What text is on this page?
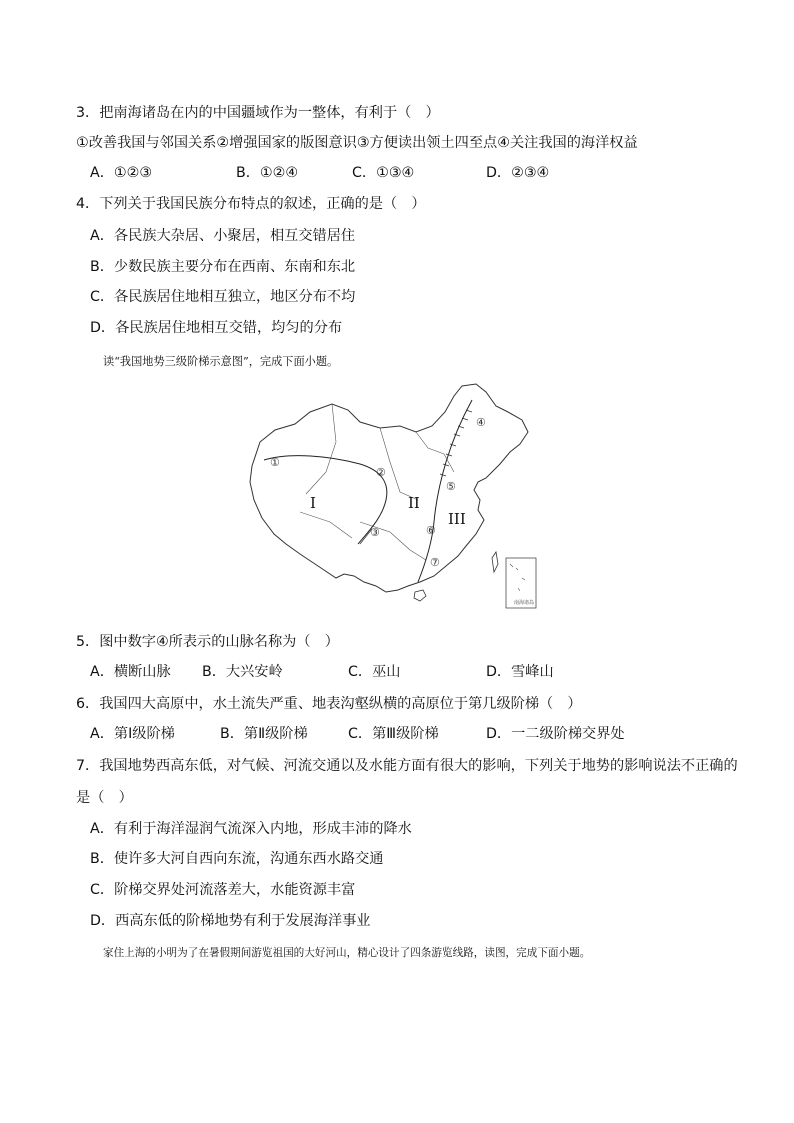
3．把南海诸岛在内的中国疆域作为一整体，有利于（　）
①改善我国与邻国关系②增强国家的版图意识③方便读出领土四至点④关注我国的海洋权益
A．①②③	B．①②④	C．①③④	D．②③④
4．下列关于我国民族分布特点的叙述，正确的是（　）
A．各民族大杂居、小聚居，相互交错居住
B．少数民族主要分布在西南、东南和东北
C．各民族居住地相互独立，地区分布不均
D．各民族居住地相互交错，均匀的分布
读“我国地势三级阶梯示意图”，完成下面小题。
南海诸岛
①
②
③
④
⑤
⑥
⑦
I	II
III
5．图中数字④所表示的山脉名称为（　）
A．横断山脉 B．大兴安岭	C．巫山	D．雪峰山
6．我国四大高原中，水土流失严重、地表沟壑纵横的高原位于第几级阶梯（　）
A．第Ⅰ级阶梯	B．第Ⅱ级阶梯	C．第Ⅲ级阶梯	D．一二级阶梯交界处
7．我国地势西高东低，对气候、河流交通以及水能方面有很大的影响，下列关于地势的影响说法不正确的
是（　）
A．有利于海洋湿润气流深入内地，形成丰沛的降水
B．使许多大河自西向东流，沟通东西水路交通
C．阶梯交界处河流落差大，水能资源丰富
D．西高东低的阶梯地势有利于发展海洋事业
家住上海的小明为了在暑假期间游览祖国的大好河山，精心设计了四条游览线路，读图，完成下面小题。
